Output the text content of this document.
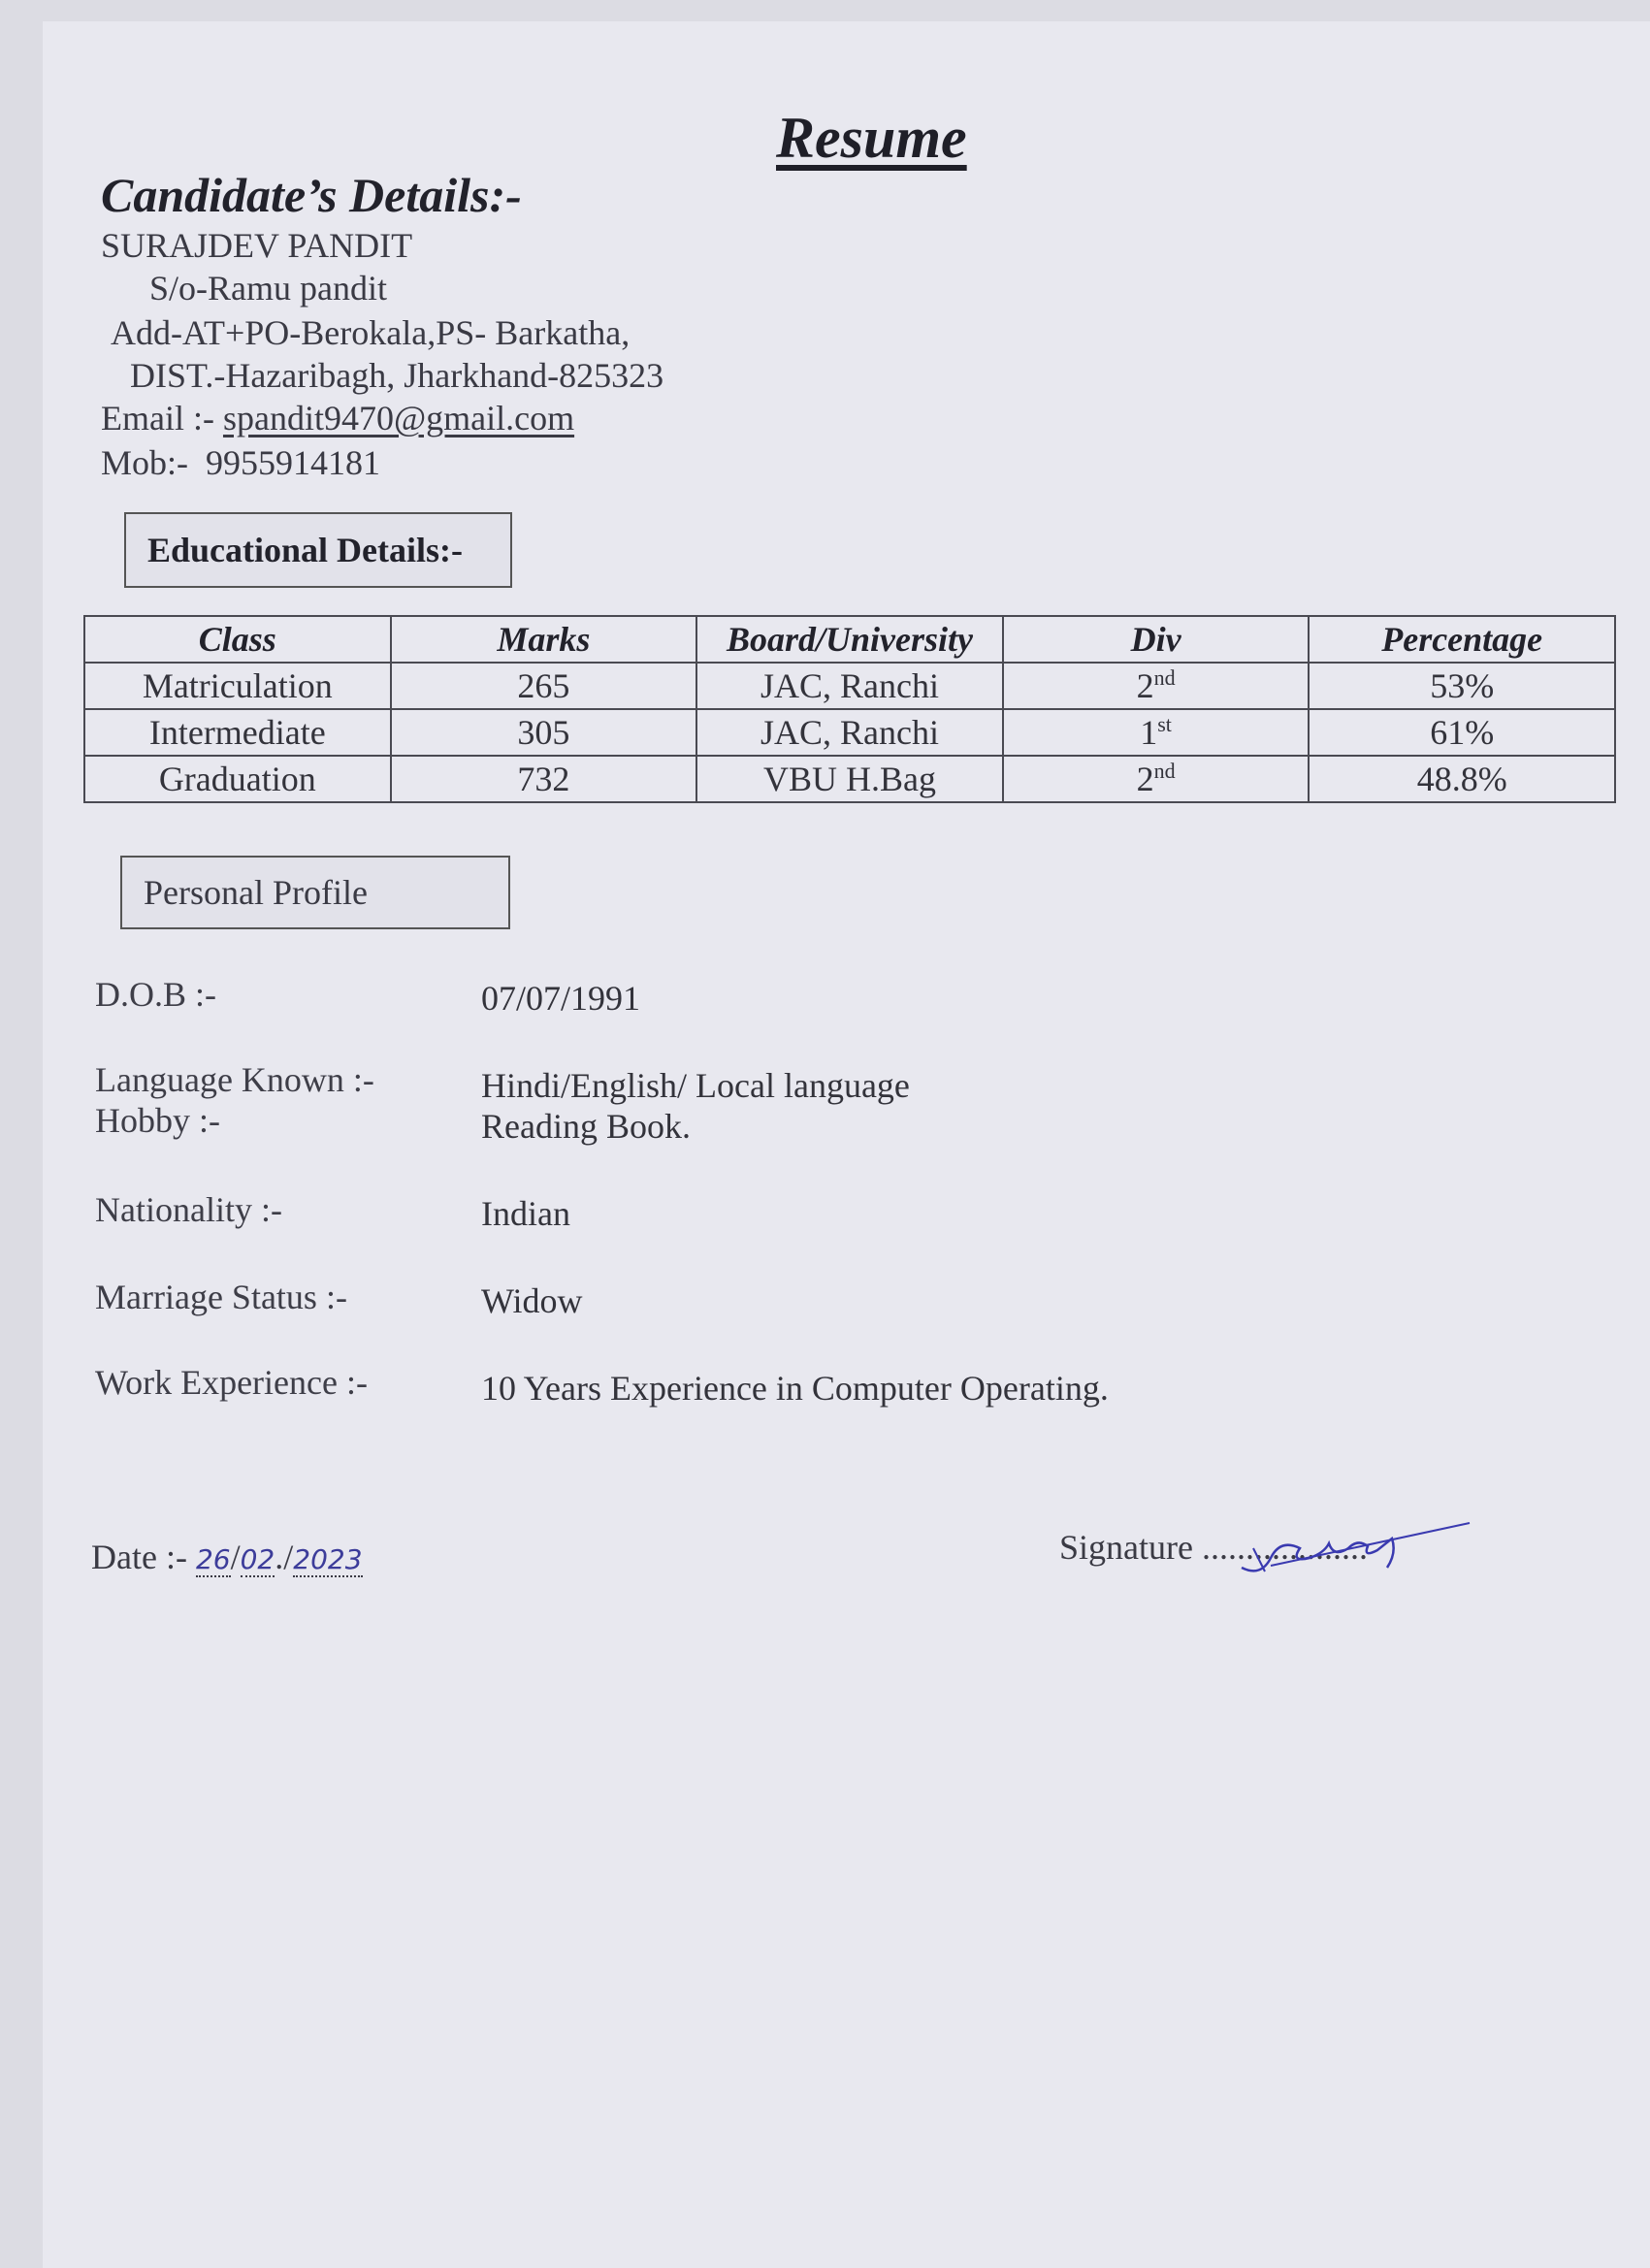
Resume
Candidate’s Details:-
SURAJDEV PANDIT
S/o-Ramu pandit
Add-AT+PO-Berokala,PS- Barkatha,
DIST.-Hazaribagh, Jharkhand-825323
Email :- spandit9470@gmail.com
Mob:- 9955914181
Educational Details:-
Class	Marks	Board/University	Div	Percentage
Matriculation	265	JAC, Ranchi	2nd	53%
Intermediate	305	JAC, Ranchi	1st	61%
Graduation	732	VBU H.Bag	2nd	48.8%
Personal Profile
D.O.B :-	07/07/1991
Language Known :-	Hindi/English/ Local language
Hobby :-	Reading Book.
Nationality :-	Indian
Marriage Status :-	Widow
Work Experience :-	10 Years Experience in Computer Operating.
Date :- 26/02./2023	Signature ...................
